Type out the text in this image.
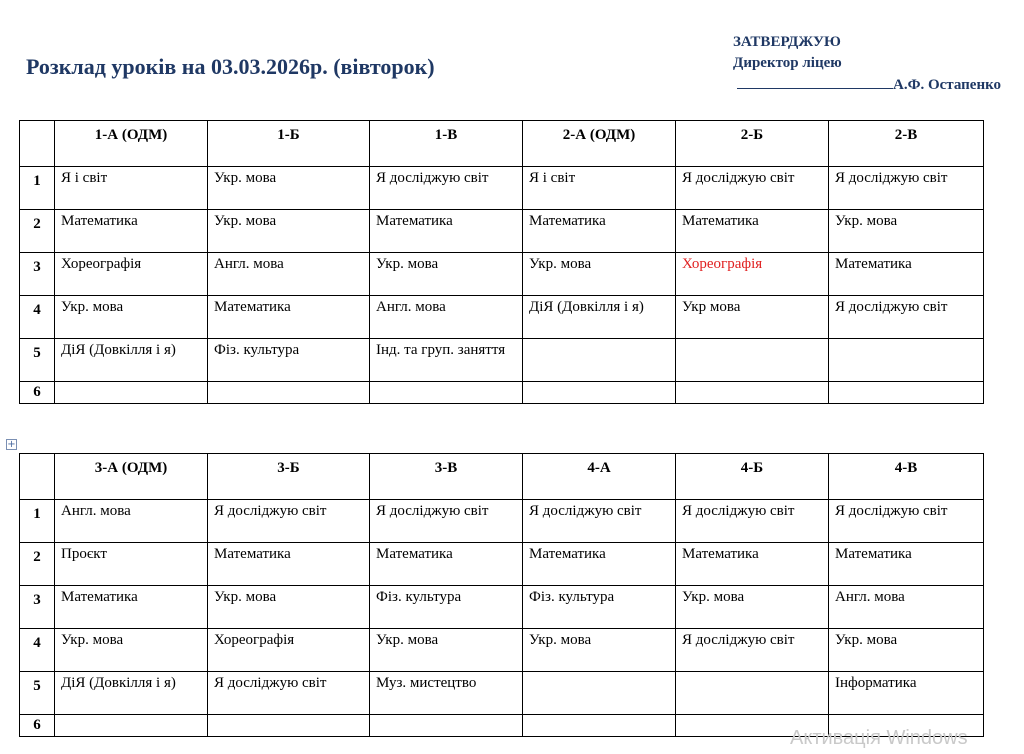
Розклад уроків на 03.03.2026р. (вівторок)
ЗАТВЕРДЖУЮ
Директор ліцею
А.Ф. Остапенко
	1-А (ОДМ)	1-Б	1-В	2-А (ОДМ)	2-Б	2-В
1	Я і світ	Укр. мова	Я досліджую світ	Я і світ	Я досліджую світ	Я досліджую світ
2	Математика	Укр. мова	Математика	Математика	Математика	Укр. мова
3	Хореографія	Англ. мова	Укр. мова	Укр. мова	Хореографія	Математика
4	Укр. мова	Математика	Англ. мова	ДіЯ (Довкілля і я)	Укр мова	Я досліджую світ
5	ДіЯ (Довкілля і я)	Фіз. культура	Інд. та груп. заняття			
6						
+
	3-А (ОДМ)	3-Б	3-В	4-А	4-Б	4-В
1	Англ. мова	Я досліджую світ	Я досліджую світ	Я досліджую світ	Я досліджую світ	Я досліджую світ
2	Проєкт	Математика	Математика	Математика	Математика	Математика
3	Математика	Укр. мова	Фіз. культура	Фіз. культура	Укр. мова	Англ. мова
4	Укр. мова	Хореографія	Укр. мова	Укр. мова	Я досліджую світ	Укр. мова
5	ДіЯ (Довкілля і я)	Я досліджую світ	Муз. мистецтво			Інформатика
6						
Активація Windows
